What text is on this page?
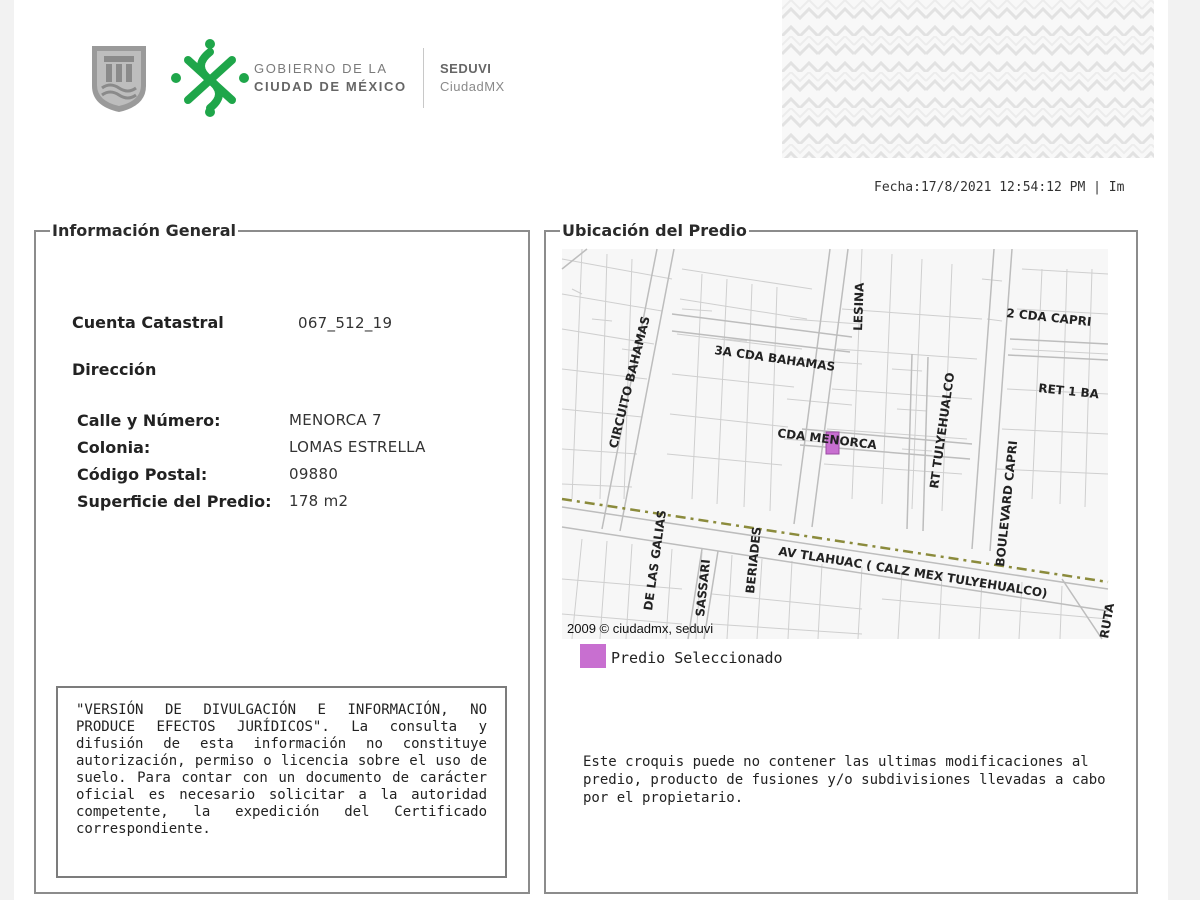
GOBIERNO DE LA
CIUDAD DE MÉXICO
SEDUVI
CiudadMX
Fecha:17/8/2021 12:54:12 PM | Im
Información General
Cuenta Catastral	067_512_19
Dirección
Calle y Número:	MENORCA 7
Colonia:	LOMAS ESTRELLA
Código Postal:	09880
Superficie del Predio: 178 m2
"VERSIÓN DE DIVULGACIÓN E INFORMACIÓN, NO PRODUCE EFECTOS JURÍDICOS". La consulta y difusión de esta información no constituye autorización, permiso o licencia sobre el uso de suelo. Para contar con un documento de carácter oficial es necesario solicitar a la autoridad competente, la expedición del Certificado correspondiente.
Ubicación del Predio
CIRCUITO BAHAMAS	3A CDA BAHAMAS
LESINA	2 CDA CAPRI
RET 1 BA
RT TULYEHUALCO
CDA MENORCA
BOULEVARD CAPRI
DE LAS GALIAS SASSARI	BERIADES AV TLAHUAC ( CALZ MEX TULYEHUALCO)
RUTA
2009 © ciudadmx, seduvi
Predio Seleccionado
Este croquis puede no contener las ultimas modificaciones al predio, producto de fusiones y/o subdivisiones llevadas a cabo por el propietario.
